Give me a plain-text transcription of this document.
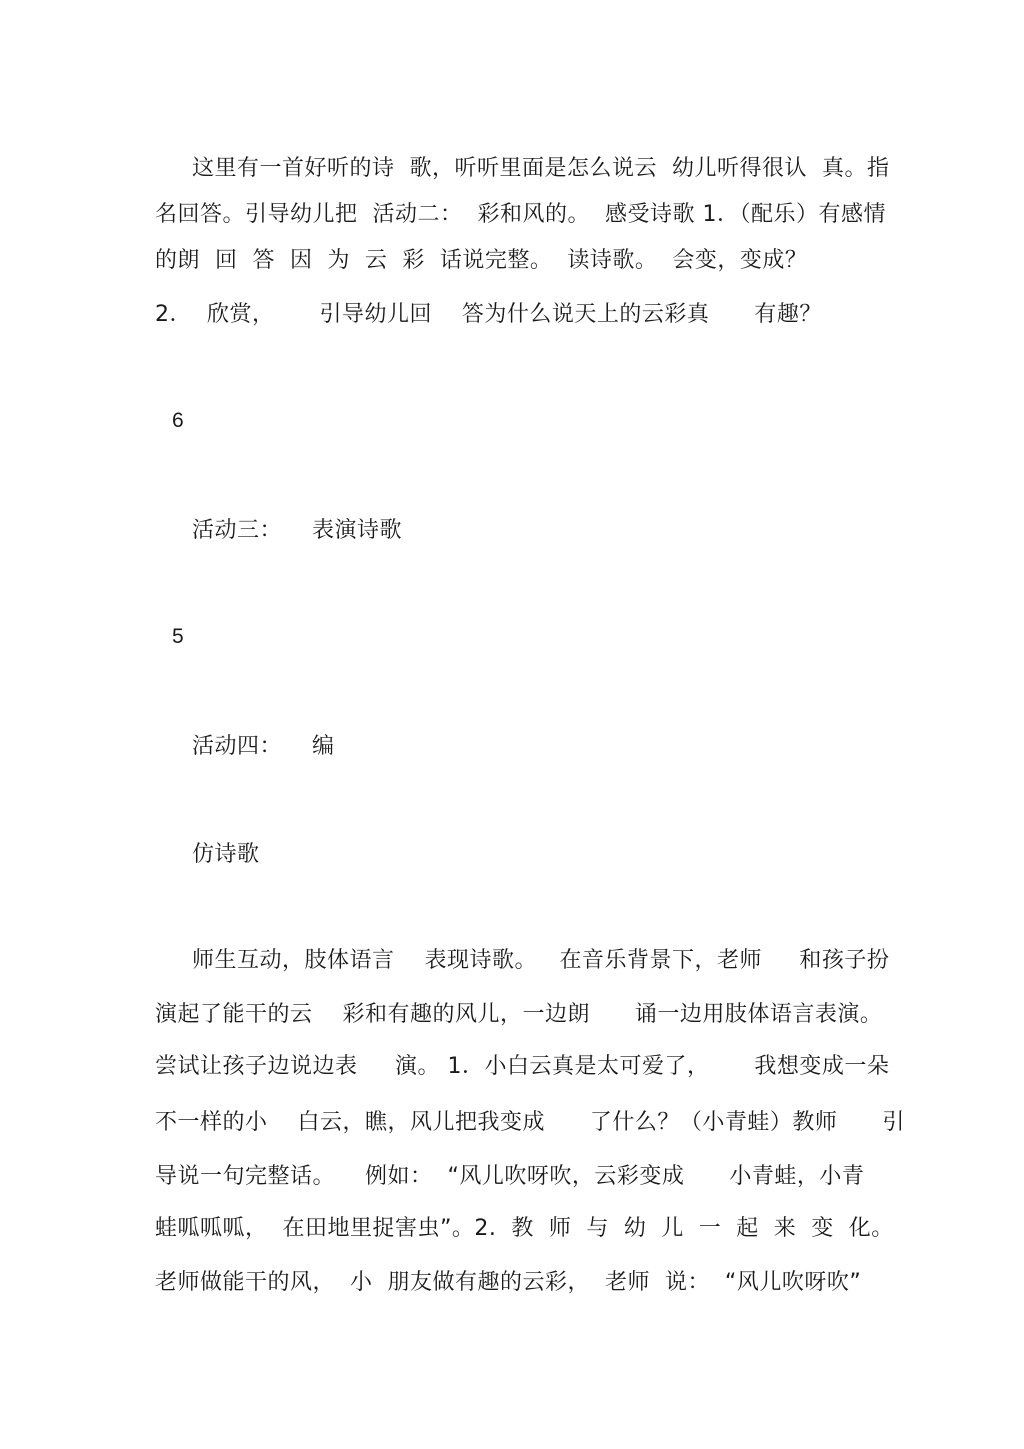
这里有一首好听的诗  歌，听听里面是怎么说云  幼儿听得很认  真。指
名回答。引导幼儿把  活动二：  彩和风的。  感受诗歌 1．（配乐）有感情
的朗  回  答  因  为  云  彩  话说完整。  读诗歌。  会变，变成？
2．  欣赏，      引导幼儿回    答为什么说天上的云彩真      有趣？
6
活动三：    表演诗歌
5
活动四：    编
仿诗歌
师生互动，肢体语言    表现诗歌。   在音乐背景下，老师     和孩子扮
演起了能干的云    彩和有趣的风儿，一边朗      诵一边用肢体语言表演。
尝试让孩子边说边表     演。 1．小白云真是太可爱了，      我想变成一朵
不一样的小    白云，瞧，风儿把我变成      了什么？（小青蛙）教师      引
导说一句完整话。    例如：  “风儿吹呀吹，云彩变成      小青蛙，小青
蛙呱呱呱，  在田地里捉害虫”。2.  教  师  与  幼  儿  一  起  来  变  化。
老师做能干的风，  小  朋友做有趣的云彩，  老师  说：  “风儿吹呀吹”
